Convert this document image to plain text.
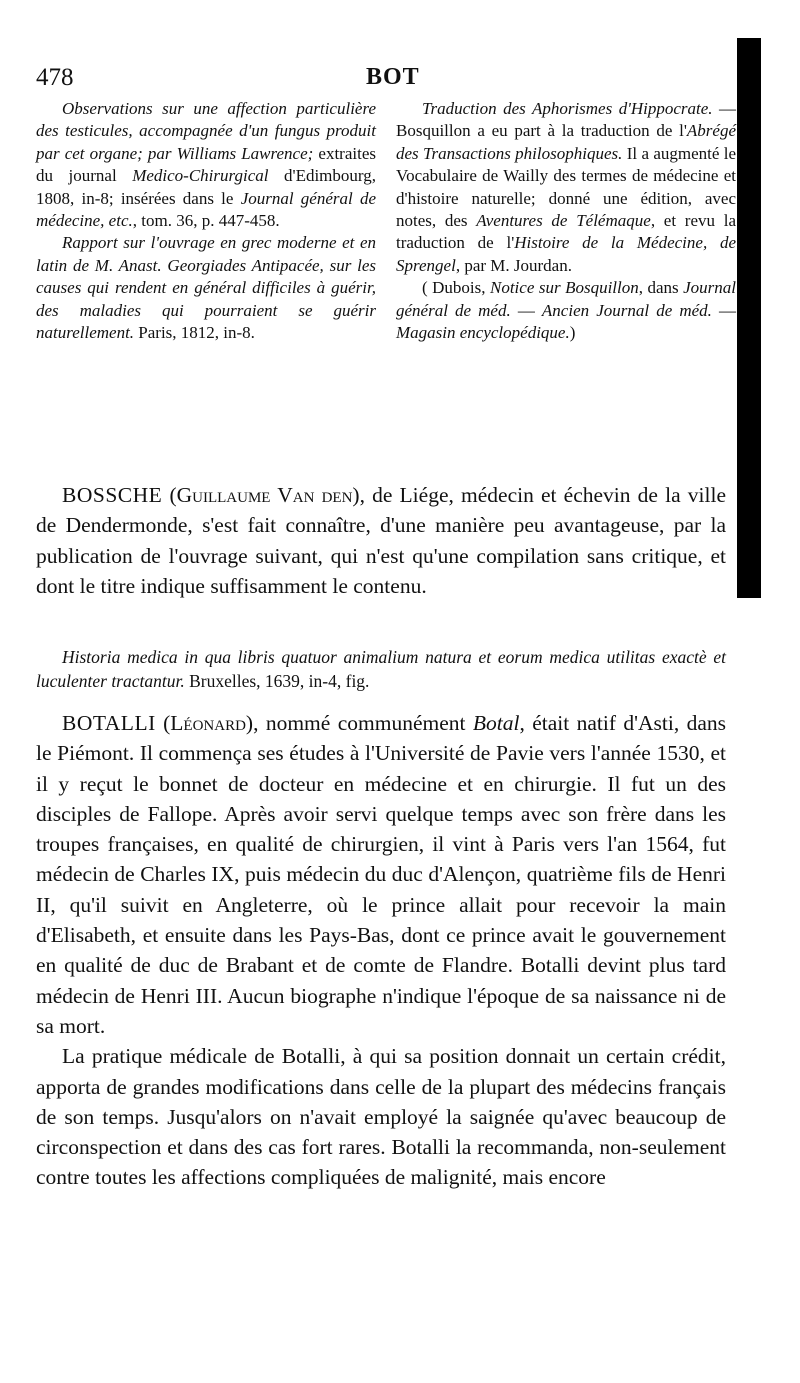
478	BOT

Observations sur une affection particulière des testicules, accompagnée d'un fungus produit par cet organe; par Williams Lawrence; extraites du journal Medico-Chirurgical d'Edimbourg, 1808, in-8; insérées dans le Journal général de médecine, etc., tom. 36, p. 447-458.

Rapport sur l'ouvrage en grec moderne et en latin de M. Anast. Georgiades Antipacée, sur les causes qui rendent en général difficiles à guérir, des maladies qui pourraient se guérir naturellement. Paris, 1812, in-8.

Traduction des Aphorismes d'Hippocrate. — Bosquillon a eu part à la traduction de l'Abrégé des Transactions philosophiques. Il a augmenté le Vocabulaire de Wailly des termes de médecine et d'histoire naturelle; donné une édition, avec notes, des Aventures de Télémaque, et revu la traduction de l'Histoire de la Médecine, de Sprengel, par M. Jourdan.

( Dubois, Notice sur Bosquillon, dans Journal général de méd. — Ancien Journal de méd. — Magasin encyclopédique.)

BOSSCHE (Guillaume Van den), de Liége, médecin et échevin de la ville de Dendermonde, s'est fait connaître, d'une manière peu avantageuse, par la publication de l'ouvrage suivant, qui n'est qu'une compilation sans critique, et dont le titre indique suffisamment le contenu.

Historia medica in qua libris quatuor animalium natura et eorum medica utilitas exactè et luculenter tractantur. Bruxelles, 1639, in-4, fig.

BOTALLI (Léonard), nommé communément Botal, était natif d'Asti, dans le Piémont. Il commença ses études à l'Université de Pavie vers l'année 1530, et il y reçut le bonnet de docteur en médecine et en chirurgie. Il fut un des disciples de Fallope. Après avoir servi quelque temps avec son frère dans les troupes françaises, en qualité de chirurgien, il vint à Paris vers l'an 1564, fut médecin de Charles IX, puis médecin du duc d'Alençon, quatrième fils de Henri II, qu'il suivit en Angleterre, où le prince allait pour recevoir la main d'Elisabeth, et ensuite dans les Pays-Bas, dont ce prince avait le gouvernement en qualité de duc de Brabant et de comte de Flandre. Botalli devint plus tard médecin de Henri III. Aucun biographe n'indique l'époque de sa naissance ni de sa mort.

La pratique médicale de Botalli, à qui sa position donnait un certain crédit, apporta de grandes modifications dans celle de la plupart des médecins français de son temps. Jusqu'alors on n'avait employé la saignée qu'avec beaucoup de circonspection et dans des cas fort rares. Botalli la recommanda, non-seulement contre toutes les affections compliquées de malignité, mais encore
